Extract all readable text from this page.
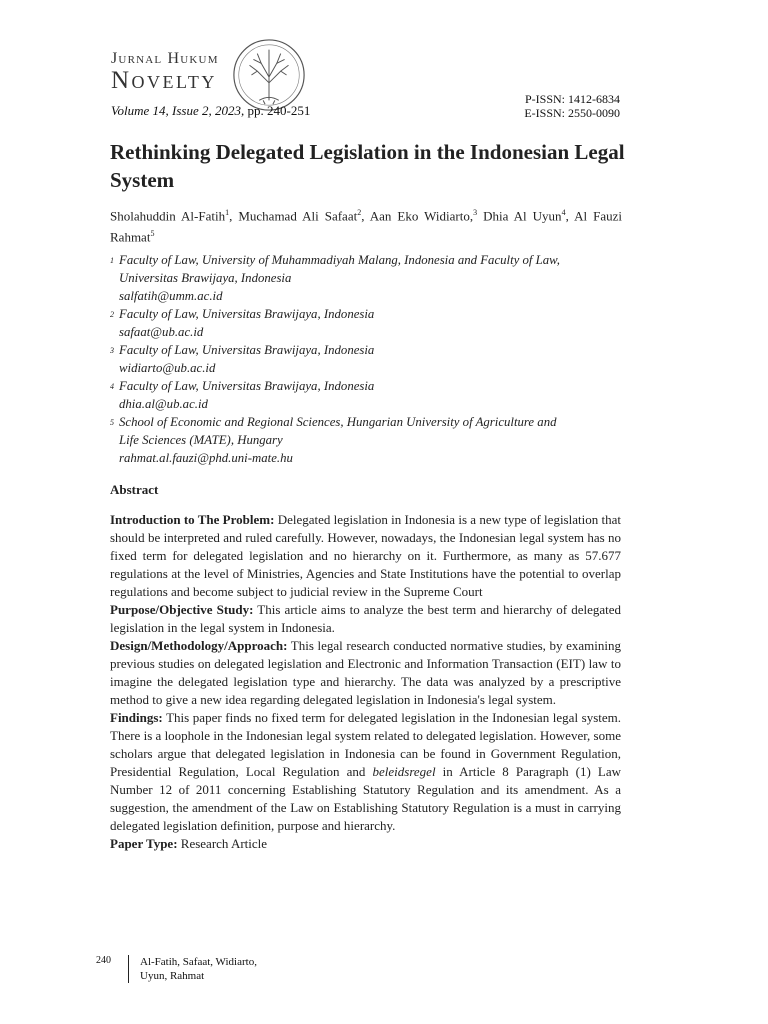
Jurnal Hukum
Novelty
Volume 14, Issue 2, 2023, pp. 240-251
P-ISSN: 1412-6834
E-ISSN: 2550-0090
Rethinking Delegated Legislation in the Indonesian Legal System
Sholahuddin Al-Fatih$^1$, Muchamad Ali Safaat$^2$, Aan Eko Widiarto,$^3$ Dhia Al Uyun$^4$, Al Fauzi Rahmat$^5$
1 Faculty of Law, University of Muhammadiyah Malang, Indonesia and Faculty of Law,
Universitas Brawijaya, Indonesia
salfatih@umm.ac.id
2 Faculty of Law, Universitas Brawijaya, Indonesia
safaat@ub.ac.id
3 Faculty of Law, Universitas Brawijaya, Indonesia
widiarto@ub.ac.id
4 Faculty of Law, Universitas Brawijaya, Indonesia
dhia.al@ub.ac.id
5 School of Economic and Regional Sciences, Hungarian University of Agriculture and
Life Sciences (MATE), Hungary
rahmat.al.fauzi@phd.uni-mate.hu
Abstract

Introduction to The Problem: Delegated legislation in Indonesia is a new type of legislation that should be interpreted and ruled carefully. However, nowadays, the Indonesian legal system has no fixed term for delegated legislation and no hierarchy on it. Furthermore, as many as 57.677 regulations at the level of Ministries, Agencies and State Institutions have the potential to overlap regulations and become subject to judicial review in the Supreme Court

Purpose/Objective Study: This article aims to analyze the best term and hierarchy of delegated legislation in the legal system in Indonesia.

Design/Methodology/Approach: This legal research conducted normative studies, by examining previous studies on delegated legislation and Electronic and Information Transaction (EIT) law to imagine the delegated legislation type and hierarchy. The data was analyzed by a prescriptive method to give a new idea regarding delegated legislation in Indonesia's legal system.

Findings: This paper finds no fixed term for delegated legislation in the Indonesian legal system. There is a loophole in the Indonesian legal system related to delegated legislation. However, some scholars argue that delegated legislation in Indonesia can be found in Government Regulation, Presidential Regulation, Local Regulation and beleidsregel in Article 8 Paragraph (1) Law Number 12 of 2011 concerning Establishing Statutory Regulation and its amendment. As a suggestion, the amendment of the Law on Establishing Statutory Regulation is a must in carrying delegated legislation definition, purpose and hierarchy.

Paper Type: Research Article

240	Al-Fatih, Safaat, Widiarto,
Uyun, Rahmat
